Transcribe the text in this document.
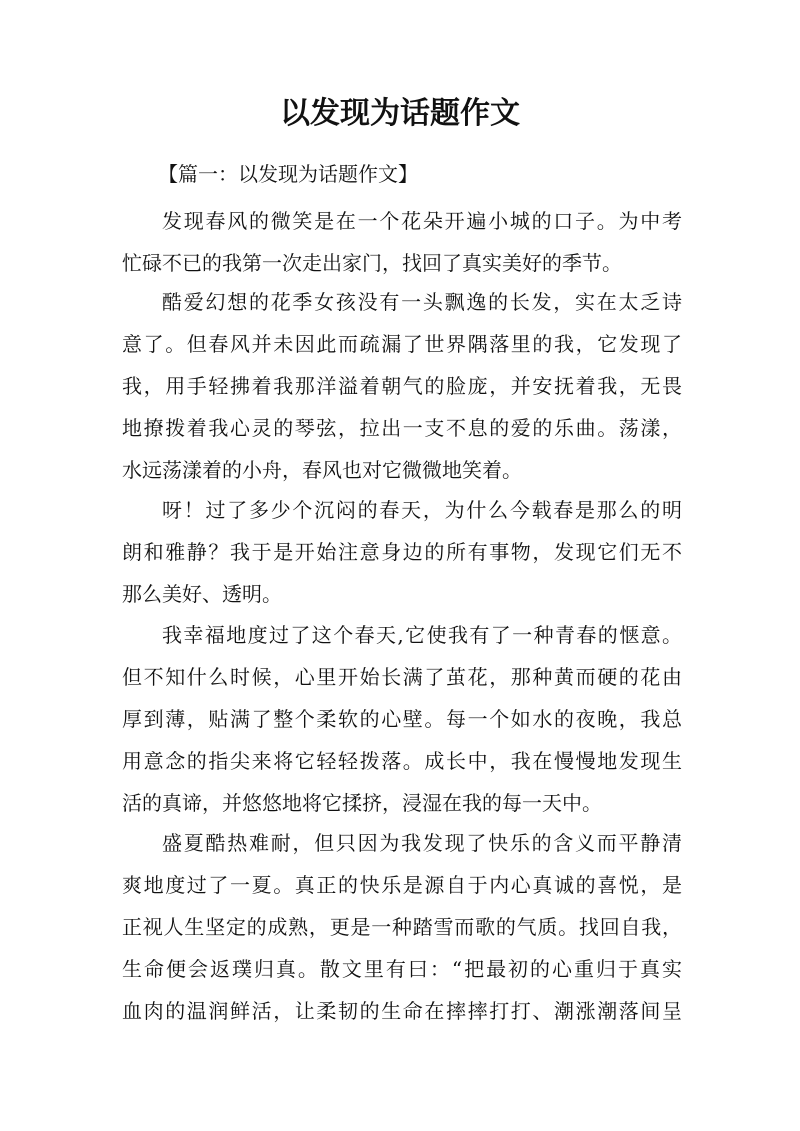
以发现为话题作文

【篇一：以发现为话题作文】

发现春风的微笑是在一个花朵开遍小城的口子。为中考
忙碌不已的我第一次走出家门，找回了真实美好的季节。
酷爱幻想的花季女孩没有一头飘逸的长发，实在太乏诗
意了。但春风并未因此而疏漏了世界隅落里的我，它发现了
我，用手轻拂着我那洋溢着朝气的脸庞，并安抚着我，无畏
地撩拨着我心灵的琴弦，拉出一支不息的爱的乐曲。荡漾，
水远荡漾着的小舟，春风也对它微微地笑着。
呀！过了多少个沉闷的春天，为什么今载春是那么的明
朗和雅静？我于是开始注意身边的所有事物，发现它们无不
那么美好、透明。
我幸福地度过了这个春天,它使我有了一种青春的惬意。
但不知什么时候，心里开始长满了茧花，那种黄而硬的花由
厚到薄，贴满了整个柔软的心壁。每一个如水的夜晚，我总
用意念的指尖来将它轻轻拨落。成长中，我在慢慢地发现生
活的真谛，并悠悠地将它揉挤，浸湿在我的每一天中。
盛夏酷热难耐，但只因为我发现了快乐的含义而平静清
爽地度过了一夏。真正的快乐是源自于内心真诚的喜悦，是
正视人生坚定的成熟，更是一种踏雪而歌的气质。找回自我，
生命便会返璞归真。散文里有曰：“把最初的心重归于真实
血肉的温润鲜活，让柔韧的生命在摔摔打打、潮涨潮落间呈
